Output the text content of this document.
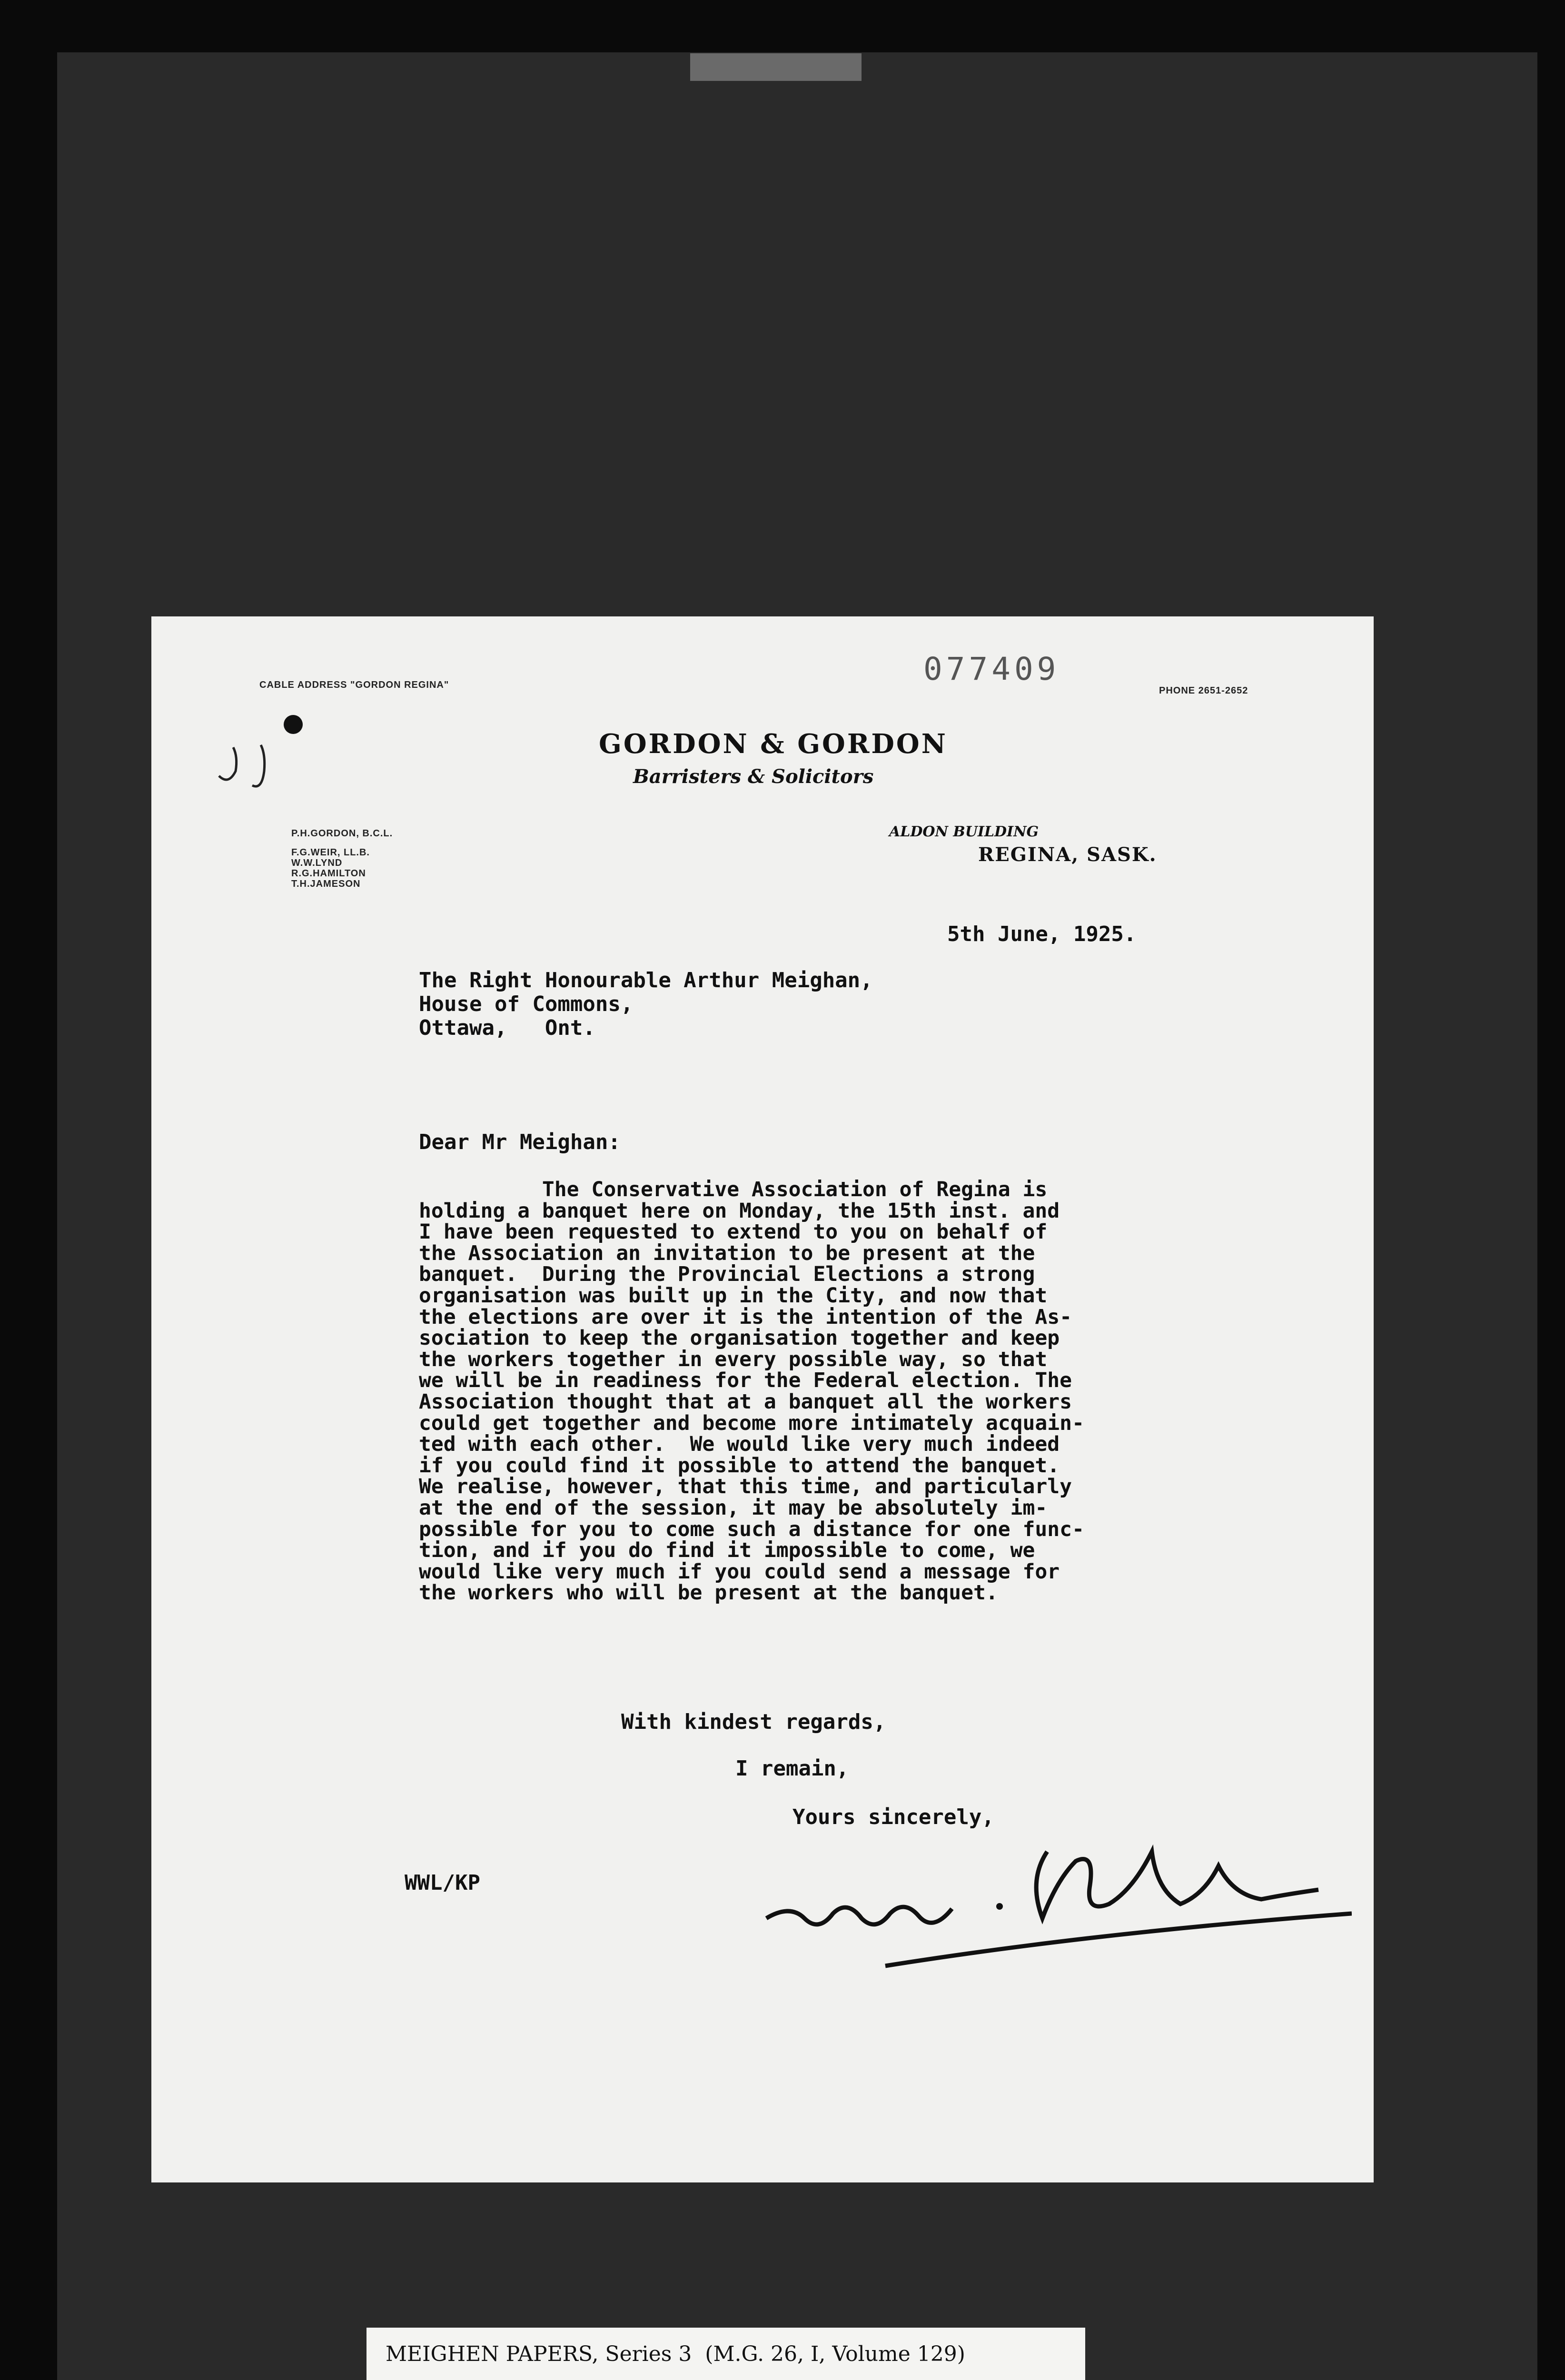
CABLE ADDRESS "GORDON REGINA"
PHONE 2651-2652
077409
GORDON & GORDON
Barristers & Solicitors
P.H.GORDON, B.C.L.
F.G.WEIR, LL.B.
W.W.LYND
R.G.HAMILTON
T.H.JAMESON
ALDON BUILDING
REGINA, SASK.
5th June, 1925.
The Right Honourable Arthur Meighan,
House of Commons,
Ottawa,   Ont.
Dear Mr Meighan:
The Conservative Association of Regina is
holding a banquet here on Monday, the 15th inst. and
I have been requested to extend to you on behalf of
the Association an invitation to be present at the
banquet.  During the Provincial Elections a strong
organisation was built up in the City, and now that
the elections are over it is the intention of the As-
sociation to keep the organisation together and keep
the workers together in every possible way, so that
we will be in readiness for the Federal election. The
Association thought that at a banquet all the workers
could get together and become more intimately acquain-
ted with each other.  We would like very much indeed
if you could find it possible to attend the banquet.
We realise, however, that this time, and particularly
at the end of the session, it may be absolutely im-
possible for you to come such a distance for one func-
tion, and if you do find it impossible to come, we
would like very much if you could send a message for
the workers who will be present at the banquet.
With kindest regards,
I remain,
Yours sincerely,
WWL/KP
MEIGHEN PAPERS, Series 3  (M.G. 26, I, Volume 129)
